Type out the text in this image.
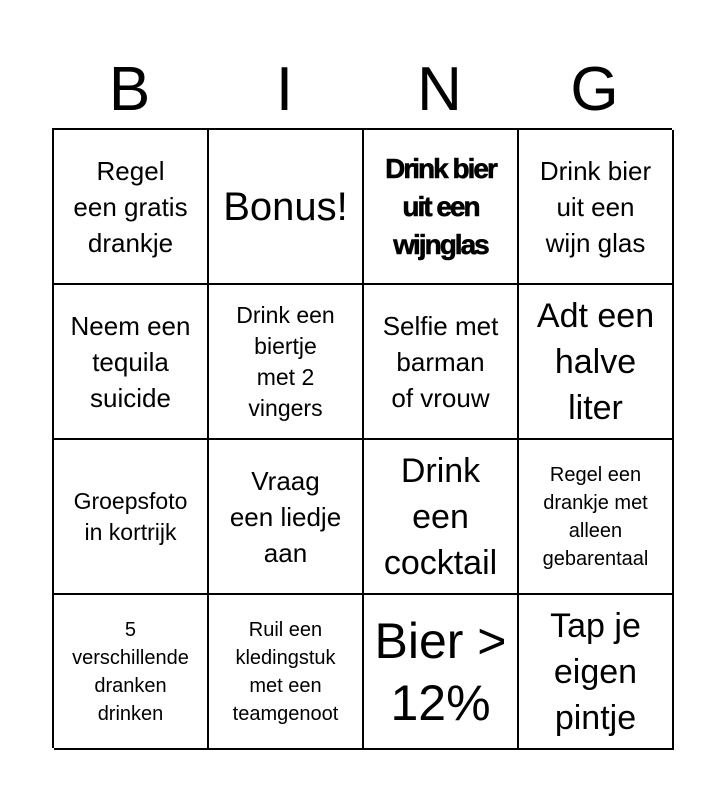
B	I	N	G
Regel
een gratis
drankje
Bonus!
Drink bier
uit een
wijnglas
Drink bier
uit een
wijn glas
Neem een
tequila
suicide
Drink een
biertje
met 2
vingers
Selfie met
barman
of vrouw
Adt een
halve
liter
Groepsfoto
in kortrijk
Vraag
een liedje
aan
Drink
een
cocktail
Regel een
drankje met
alleen
gebarentaal
5
verschillende
dranken
drinken
Ruil een
kledingstuk
met een
teamgenoot
Bier >
12%
Tap je
eigen
pintje
